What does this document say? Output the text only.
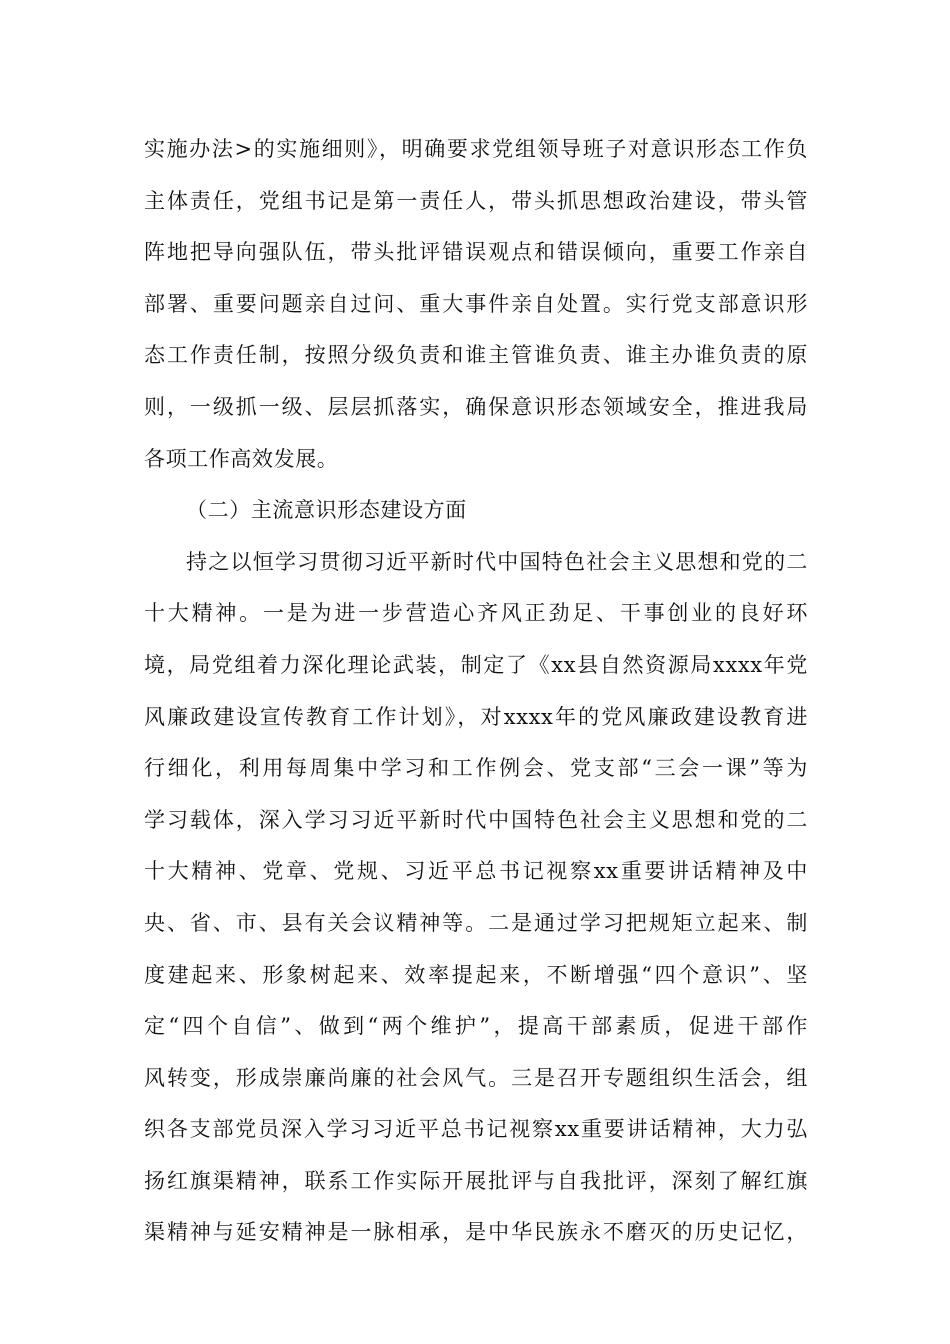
实施办法>的实施细则》，明确要求党组领导班子对意识形态工作负
主体责任，党组书记是第一责任人，带头抓思想政治建设，带头管
阵地把导向强队伍，带头批评错误观点和错误倾向，重要工作亲自
部署、重要问题亲自过问、重大事件亲自处置。实行党支部意识形
态工作责任制，按照分级负责和谁主管谁负责、谁主办谁负责的原
则，一级抓一级、层层抓落实，确保意识形态领域安全，推进我局
各项工作高效发展。
（二）主流意识形态建设方面
持之以恒学习贯彻习近平新时代中国特色社会主义思想和党的二
十大精神。一是为进一步营造心齐风正劲足、干事创业的良好环
境，局党组着力深化理论武装，制定了《xx县自然资源局xxxx年党
风廉政建设宣传教育工作计划》，对xxxx年的党风廉政建设教育进
行细化，利用每周集中学习和工作例会、党支部“三会一课”等为
学习载体，深入学习习近平新时代中国特色社会主义思想和党的二
十大精神、党章、党规、习近平总书记视察xx重要讲话精神及中
央、省、市、县有关会议精神等。二是通过学习把规矩立起来、制
度建起来、形象树起来、效率提起来，不断增强“四个意识”、坚
定“四个自信”、做到“两个维护”，提高干部素质，促进干部作
风转变，形成崇廉尚廉的社会风气。三是召开专题组织生活会，组
织各支部党员深入学习习近平总书记视察xx重要讲话精神，大力弘
扬红旗渠精神，联系工作实际开展批评与自我批评，深刻了解红旗
渠精神与延安精神是一脉相承，是中华民族永不磨灭的历史记忆，
